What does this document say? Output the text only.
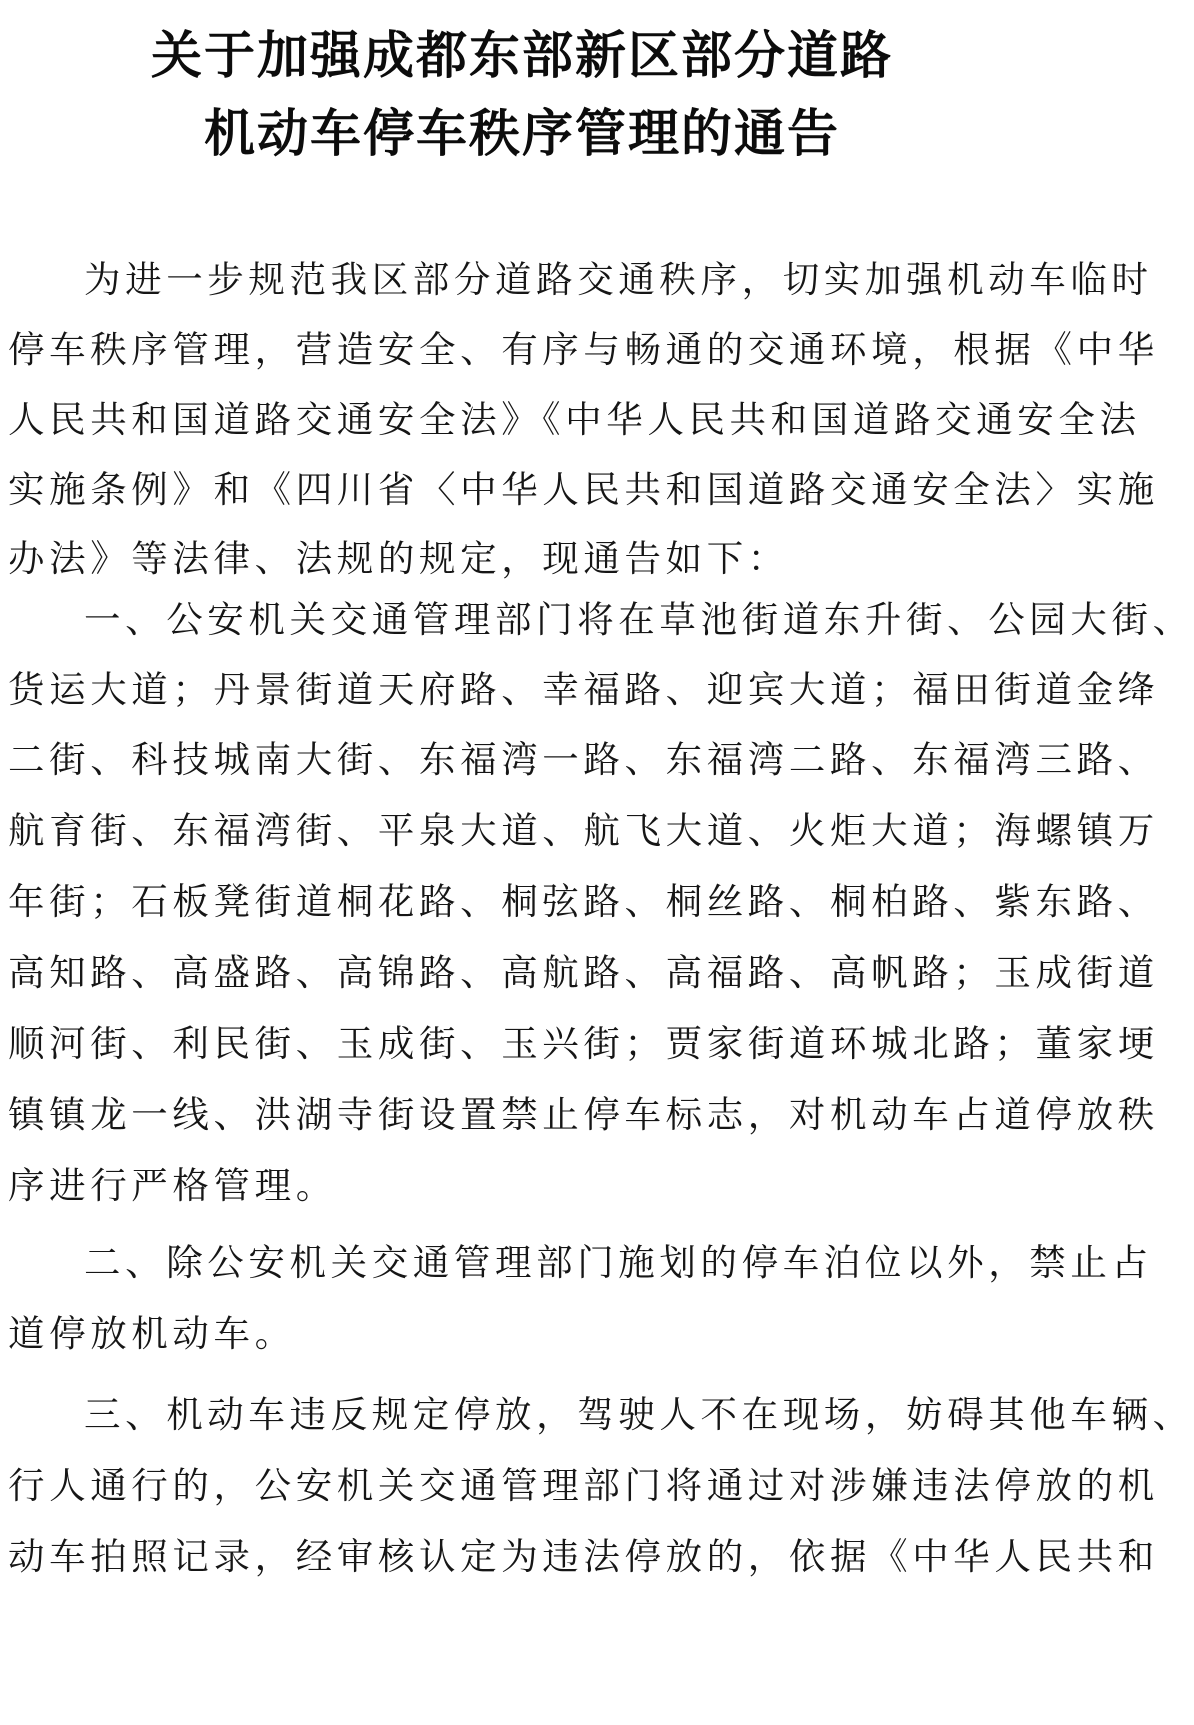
关于加强成都东部新区部分道路
机动车停车秩序管理的通告
为进一步规范我区部分道路交通秩序，切实加强机动车临时
停车秩序管理，营造安全、有序与畅通的交通环境，根据《中华
人民共和国道路交通安全法》《中华人民共和国道路交通安全法
实施条例》和《四川省〈中华人民共和国道路交通安全法〉实施
办法》等法律、法规的规定，现通告如下：
一、公安机关交通管理部门将在草池街道东升街、公园大街、
货运大道；丹景街道天府路、幸福路、迎宾大道；福田街道金绛
二街、科技城南大街、东福湾一路、东福湾二路、东福湾三路、
航育街、东福湾街、平泉大道、航飞大道、火炬大道；海螺镇万
年街；石板凳街道桐花路、桐弦路、桐丝路、桐柏路、紫东路、
高知路、高盛路、高锦路、高航路、高福路、高帆路；玉成街道
顺河街、利民街、玉成街、玉兴街；贾家街道环城北路；董家埂
镇镇龙一线、洪湖寺街设置禁止停车标志，对机动车占道停放秩
序进行严格管理。
二、除公安机关交通管理部门施划的停车泊位以外，禁止占
道停放机动车。
三、机动车违反规定停放，驾驶人不在现场，妨碍其他车辆、
行人通行的，公安机关交通管理部门将通过对涉嫌违法停放的机
动车拍照记录，经审核认定为违法停放的，依据《中华人民共和
